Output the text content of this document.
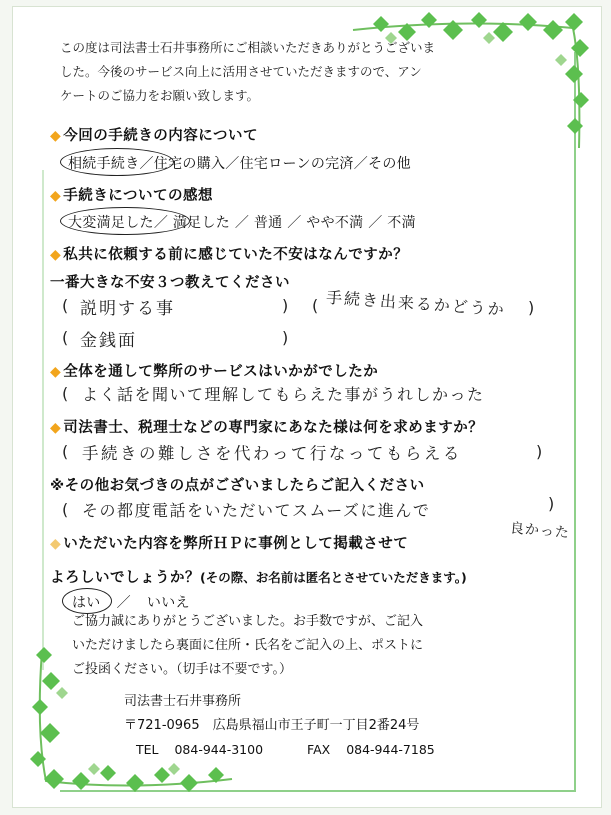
この度は司法書士石井事務所にご相談いただきありがとうございま
した。今後のサービス向上に活用させていただきますので、アン
ケートのご協力をお願い致します。
◆ 今回の手続きの内容について
相続手続き／住宅の購入／住宅ローンの完済／その他
◆ 手続きについての感想
大変満足した／ 満足した ／ 普通 ／ やや不満 ／ 不満
◆ 私共に依頼する前に感じていた不安はなんですか？
一番大きな不安３つ教えてください
( 説明する事	) ( 手続き出来るかどうか )
( 金銭面	)
◆ 全体を通して弊所のサービスはいかがでしたか
( よく話を聞いて理解してもらえた事がうれしかった
◆ 司法書士、税理士などの専門家にあなた様は何を求めますか？
( 手続きの難しさを代わって行なってもらえる	)
※その他お気づきの点がございましたらご記入ください
( その都度電話をいただいてスムーズに進んで	)
良かった
◆ いただいた内容を弊所ＨＰに事例として掲載させて
よろしいでしょうか？(その際、お名前は匿名とさせていただきます。)
はい ／ いいえ
ご協力誠にありがとうございました。お手数ですが、ご記入
いただけましたら裏面に住所・氏名をご記入の上、ポストに
ご投函ください。（切手は不要です。）
司法書士石井事務所
〒721-0965　広島県福山市王子町一丁目2番24号
TEL 084-944-3100	FAX 084-944-7185
